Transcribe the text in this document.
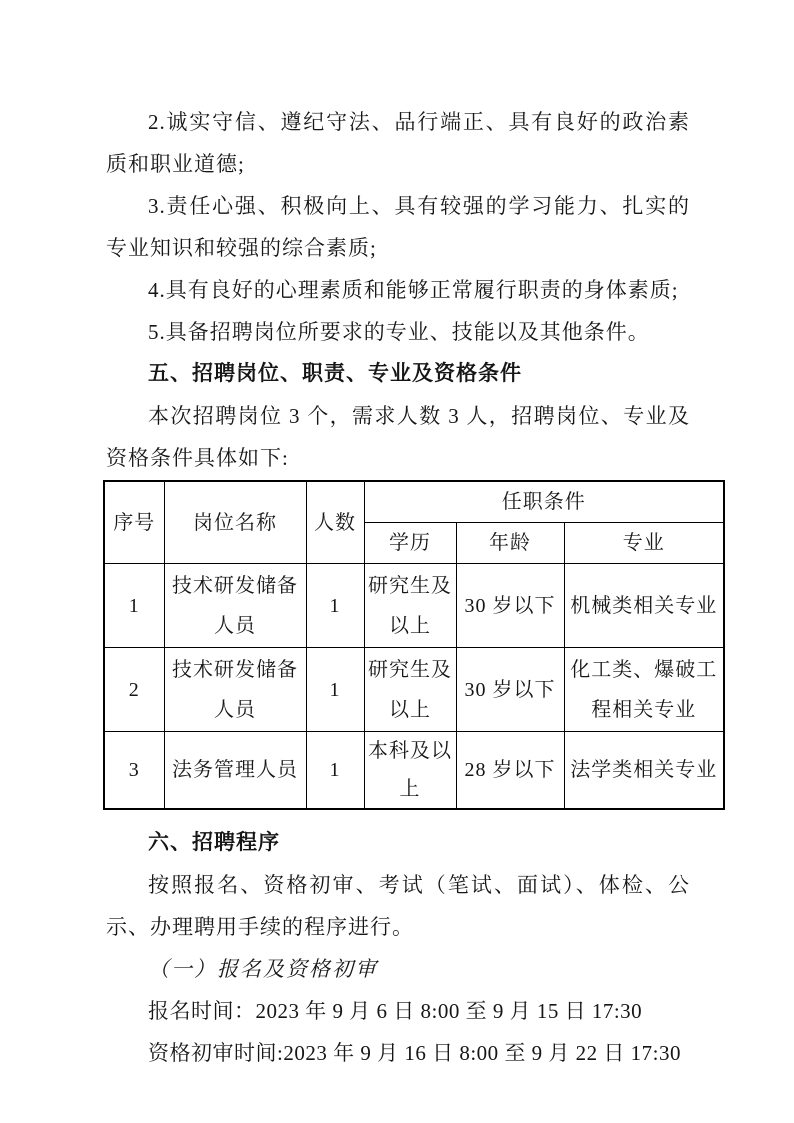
2.诚实守信、遵纪守法、品行端正、具有良好的政治素质和职业道德;

3.责任心强、积极向上、具有较强的学习能力、扎实的专业知识和较强的综合素质;

4.具有良好的心理素质和能够正常履行职责的身体素质;

5.具备招聘岗位所要求的专业、技能以及其他条件。

五、招聘岗位、职责、专业及资格条件

本次招聘岗位 3 个，需求人数 3 人，招聘岗位、专业及资格条件具体如下:

序号	岗位名称	人数	任职条件		
			学历	年龄	专业
1	技术研发储备人员	1	研究生及以上	30 岁以下	机械类相关专业
2	技术研发储备人员	1	研究生及以上	30 岁以下	化工类、爆破工程相关专业
3	法务管理人员	1	本科及以上	28 岁以下	法学类相关专业

六、招聘程序

按照报名、资格初审、考试（笔试、面试）、体检、公示、办理聘用手续的程序进行。

（一）报名及资格初审

报名时间：2023 年 9 月 6 日 8:00 至 9 月 15 日 17:30

资格初审时间:2023 年 9 月 16 日 8:00 至 9 月 22 日 17:30
